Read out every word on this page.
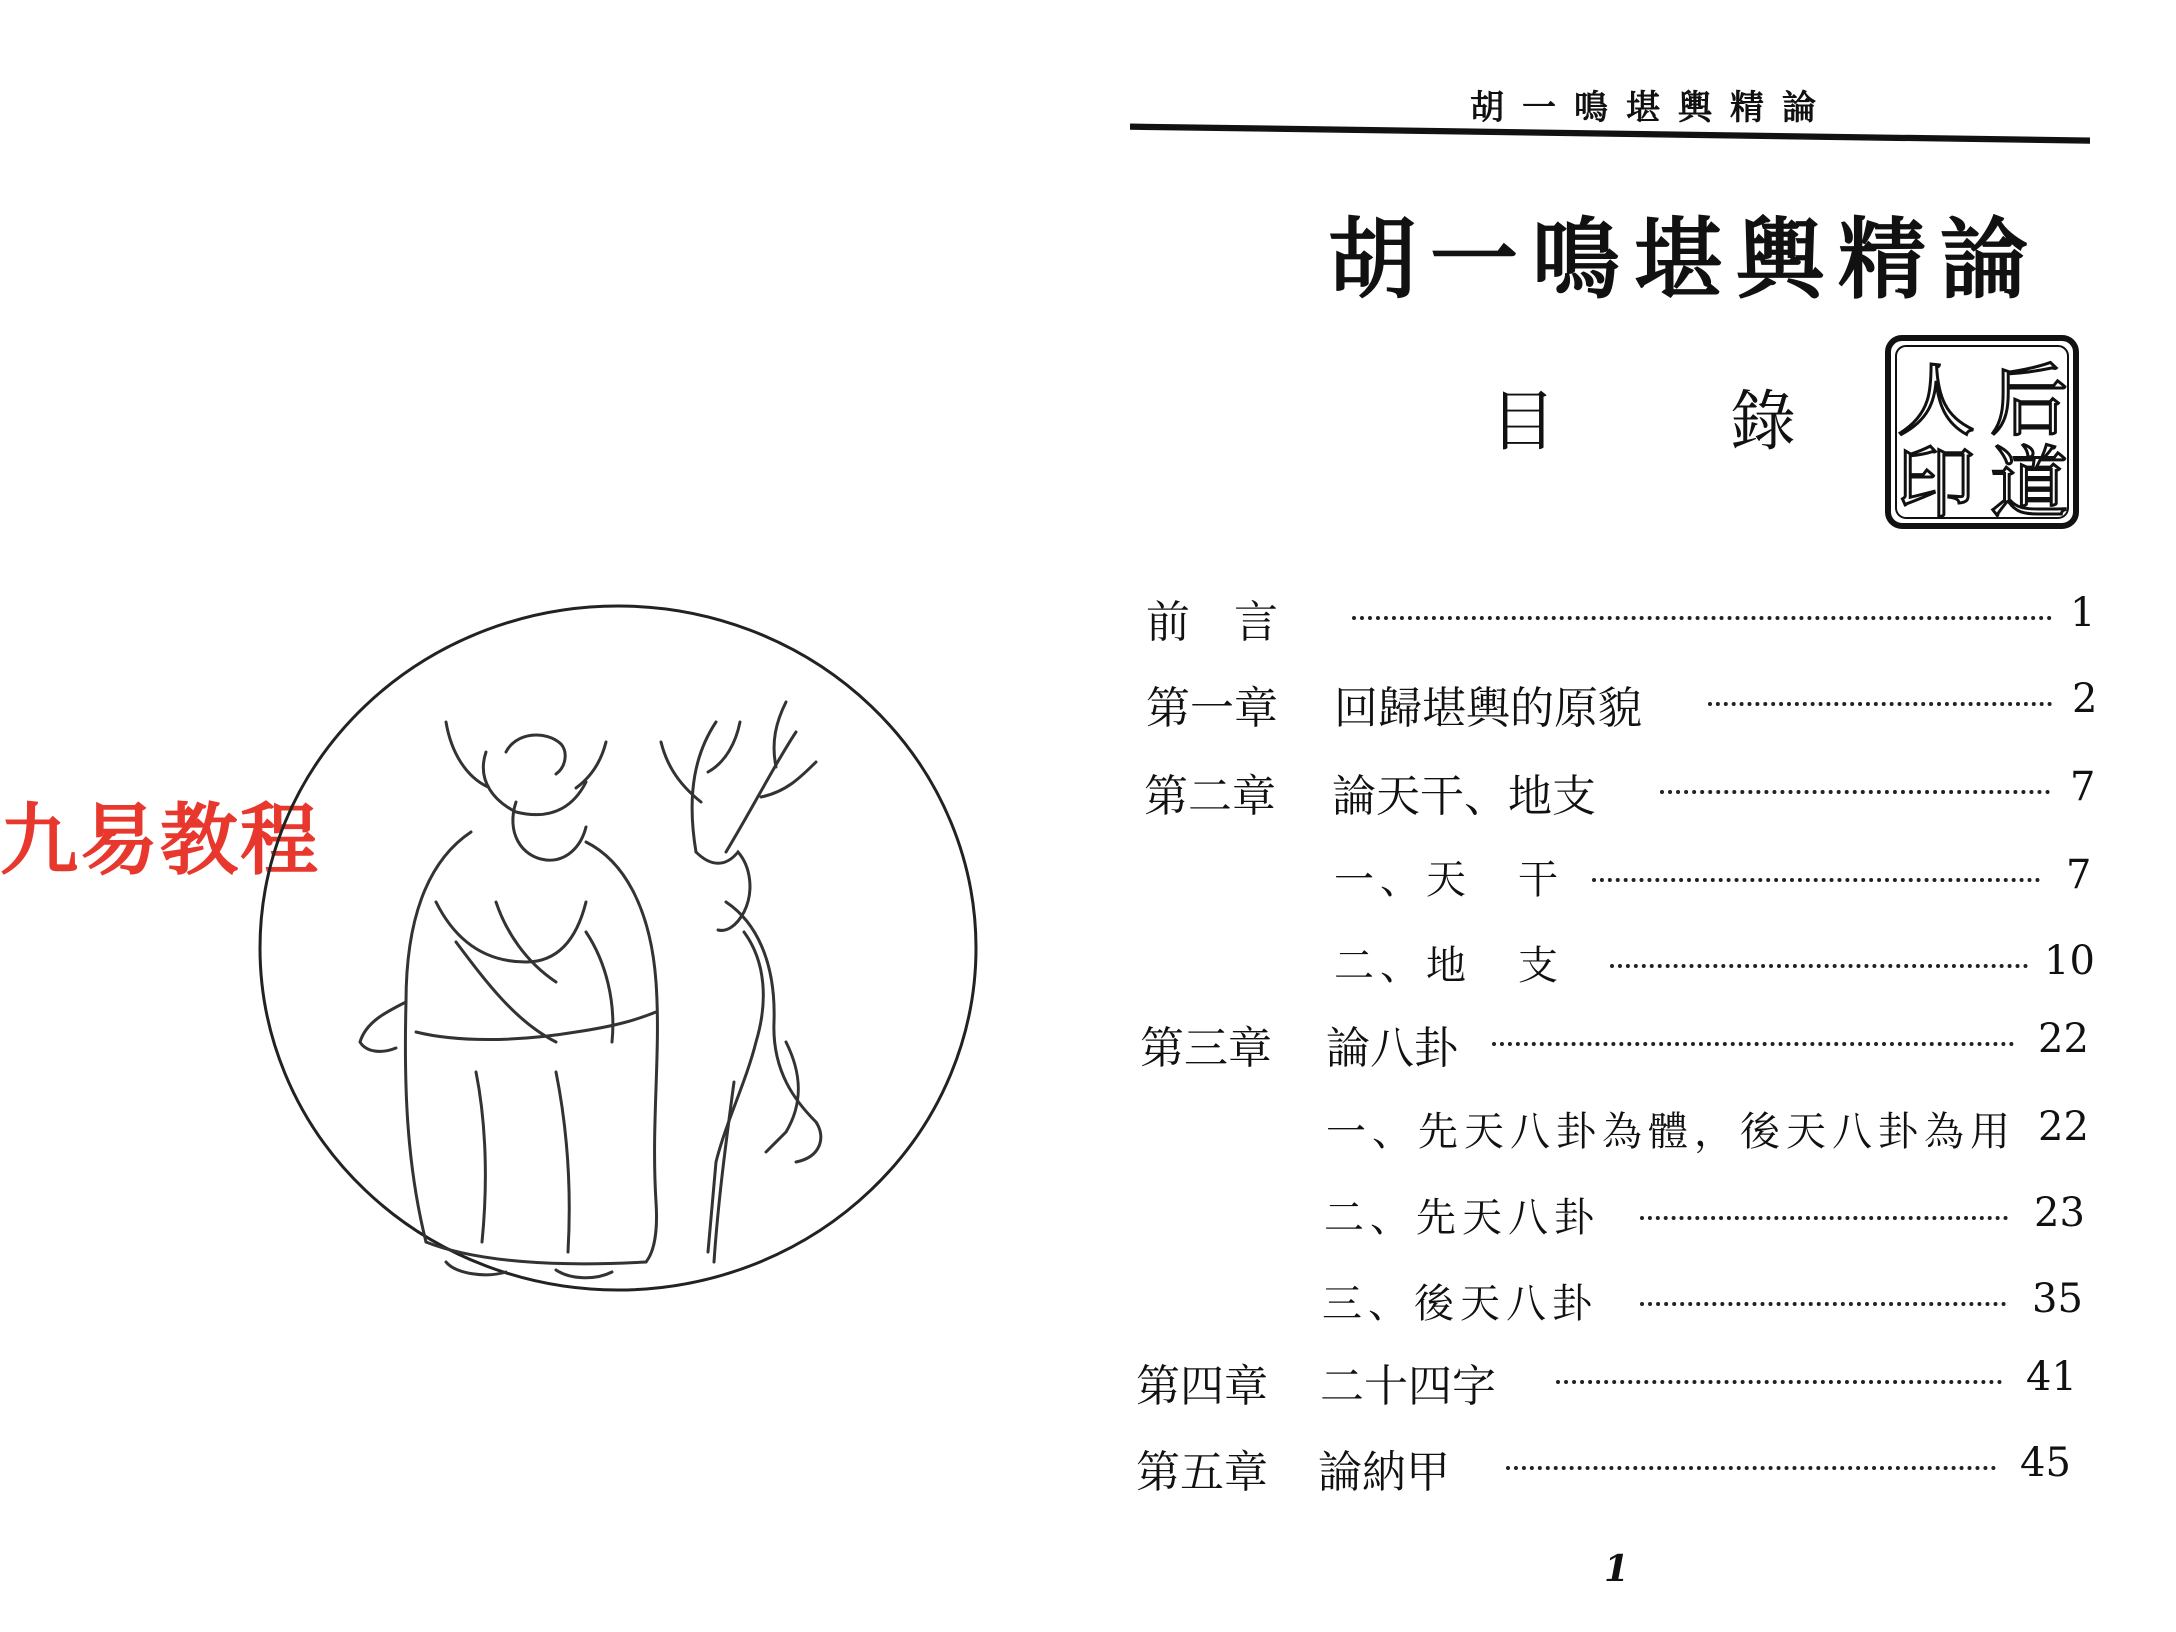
九易教程
胡一鳴堪輿精論
胡一鳴堪輿精論
目	錄 后
道
人
印
前　言	1
第一章 回歸堪輿的原貌	2
第二章 論天干、地支	7
一、天　干	7
二、地　支	10
第三章 論八卦	22
一、先天八卦為體，後天八卦為用 22
二、先天八卦	23
三、後天八卦	35
第四章 二十四字	41
第五章 論納甲	45
1
